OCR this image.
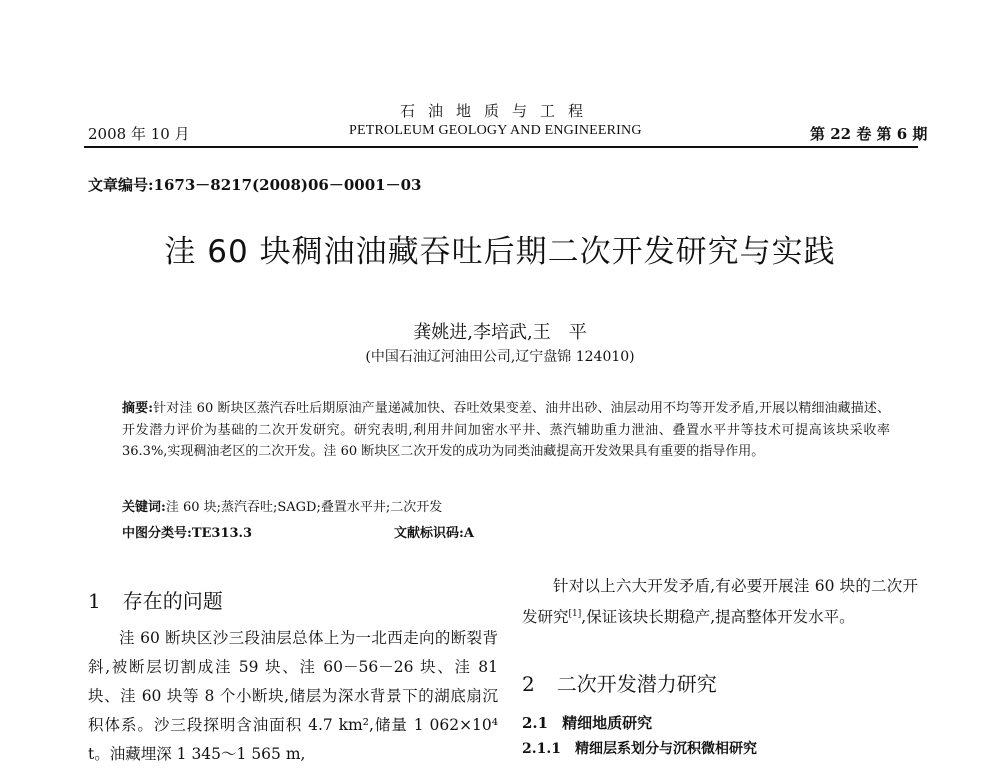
2008 年 10 月
石油地质与工程
PETROLEUM GEOLOGY AND ENGINEERING	第 22 卷 第 6 期
文章编号:1673－8217(2008)06－0001－03
洼 60 块稠油油藏吞吐后期二次开发研究与实践
龚姚进,李培武,王　平
(中国石油辽河油田公司,辽宁盘锦 124010)
摘要:针对洼 60 断块区蒸汽吞吐后期原油产量递减加快、吞吐效果变差、油井出砂、油层动用不均等开发矛盾,开展以精细油藏描述、开发潜力评价为基础的二次开发研究。研究表明,利用井间加密水平井、蒸汽辅助重力泄油、叠置水平井等技术可提高该块采收率 36.3%,实现稠油老区的二次开发。洼 60 断块区二次开发的成功为同类油藏提高开发效果具有重要的指导作用。
关键词:洼 60 块;蒸汽吞吐;SAGD;叠置水平井;二次开发
中图分类号:TE313.3	文献标识码:A
1 存在的问题
洼 60 断块区沙三段油层总体上为一北西走向的断裂背斜,被断层切割成洼 59 块、洼 60－56－26 块、洼 81 块、洼 60 块等 8 个小断块,储层为深水背景下的湖底扇沉积体系。沙三段探明含油面积 4.7 km²,储量 1 062×10⁴ t。油藏埋深 1 345～1 565 m,
针对以上六大开发矛盾,有必要开展洼 60 块的二次开发研究[1],保证该块长期稳产,提高整体开发水平。
2 二次开发潜力研究
2.1 精细地质研究
2.1.1 精细层系划分与沉积微相研究
